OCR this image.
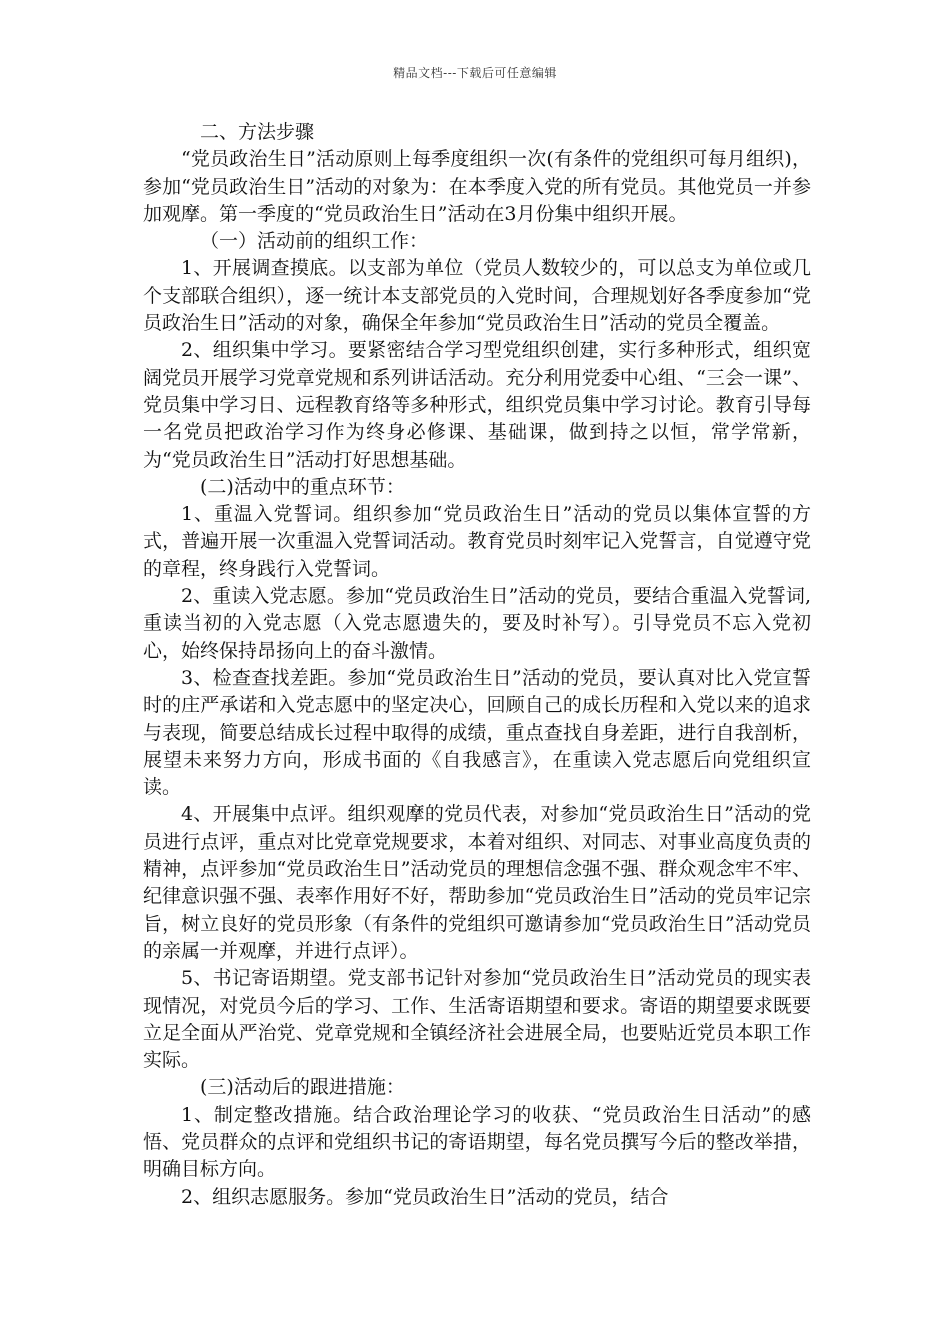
精品文档---下载后可任意编辑

二、方法步骤

“党员政治生日”活动原则上每季度组织一次(有条件的党组织可每月组织)，参加“党员政治生日”活动的对象为：在本季度入党的所有党员。其他党员一并参加观摩。第一季度的“党员政治生日”活动在3月份集中组织开展。

（一）活动前的组织工作：

1、开展调查摸底。以支部为单位（党员人数较少的，可以总支为单位或几个支部联合组织），逐一统计本支部党员的入党时间，合理规划好各季度参加“党员政治生日”活动的对象，确保全年参加“党员政治生日”活动的党员全覆盖。

2、组织集中学习。要紧密结合学习型党组织创建，实行多种形式，组织宽阔党员开展学习党章党规和系列讲话活动。充分利用党委中心组、“三会一课”、党员集中学习日、远程教育络等多种形式，组织党员集中学习讨论。教育引导每一名党员把政治学习作为终身必修课、基础课，做到持之以恒，常学常新，为“党员政治生日”活动打好思想基础。

(二)活动中的重点环节：

1、重温入党誓词。组织参加“党员政治生日”活动的党员以集体宣誓的方式，普遍开展一次重温入党誓词活动。教育党员时刻牢记入党誓言，自觉遵守党的章程，终身践行入党誓词。

2、重读入党志愿。参加“党员政治生日”活动的党员，要结合重温入党誓词,重读当初的入党志愿（入党志愿遗失的，要及时补写）。引导党员不忘入党初心，始终保持昂扬向上的奋斗激情。

3、检查查找差距。参加“党员政治生日”活动的党员，要认真对比入党宣誓时的庄严承诺和入党志愿中的坚定决心，回顾自己的成长历程和入党以来的追求与表现，简要总结成长过程中取得的成绩，重点查找自身差距，进行自我剖析，展望未来努力方向，形成书面的《自我感言》，在重读入党志愿后向党组织宣读。

4、开展集中点评。组织观摩的党员代表，对参加“党员政治生日”活动的党员进行点评，重点对比党章党规要求，本着对组织、对同志、对事业高度负责的精神，点评参加“党员政治生日”活动党员的理想信念强不强、群众观念牢不牢、纪律意识强不强、表率作用好不好，帮助参加“党员政治生日”活动的党员牢记宗旨，树立良好的党员形象（有条件的党组织可邀请参加“党员政治生日”活动党员的亲属一并观摩，并进行点评）。

5、书记寄语期望。党支部书记针对参加“党员政治生日”活动党员的现实表现情况，对党员今后的学习、工作、生活寄语期望和要求。寄语的期望要求既要立足全面从严治党、党章党规和全镇经济社会进展全局，也要贴近党员本职工作实际。

(三)活动后的跟进措施：

1、制定整改措施。结合政治理论学习的收获、“党员政治生日活动”的感悟、党员群众的点评和党组织书记的寄语期望，每名党员撰写今后的整改举措，明确目标方向。

2、组织志愿服务。参加“党员政治生日”活动的党员，结合
